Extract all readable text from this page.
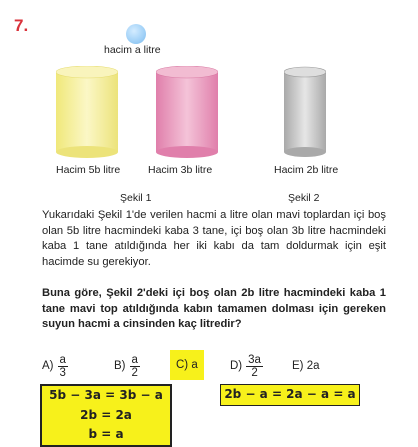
7.
hacim a litre
Hacim 5b litre	Hacim 3b litre	Hacim 2b litre
Şekil 1	Şekil 2
Yukarıdaki Şekil 1'de verilen hacmi a litre olan mavi toplardan içi boş olan 5b litre hacmindeki kaba 3 tane, içi boş olan 3b litre hacmindeki kaba 1 tane atıldığında her iki kabı da tam doldurmak için eşit hacimde su gerekiyor.
Buna göre, Şekil 2'deki içi boş olan 2b litre hacmindeki kaba 1 tane mavi top atıldığında kabın tamamen dolması için gereken suyun hacmi a cinsinden kaç litredir?
$A) \frac{a}{3}$	$B) \frac{a}{2}$	C) a	$D) \frac{3a}{2}$	E) 2a
5b − 3a = 3b − a
2b = 2a
b = a
2b − a = 2a − a = a
